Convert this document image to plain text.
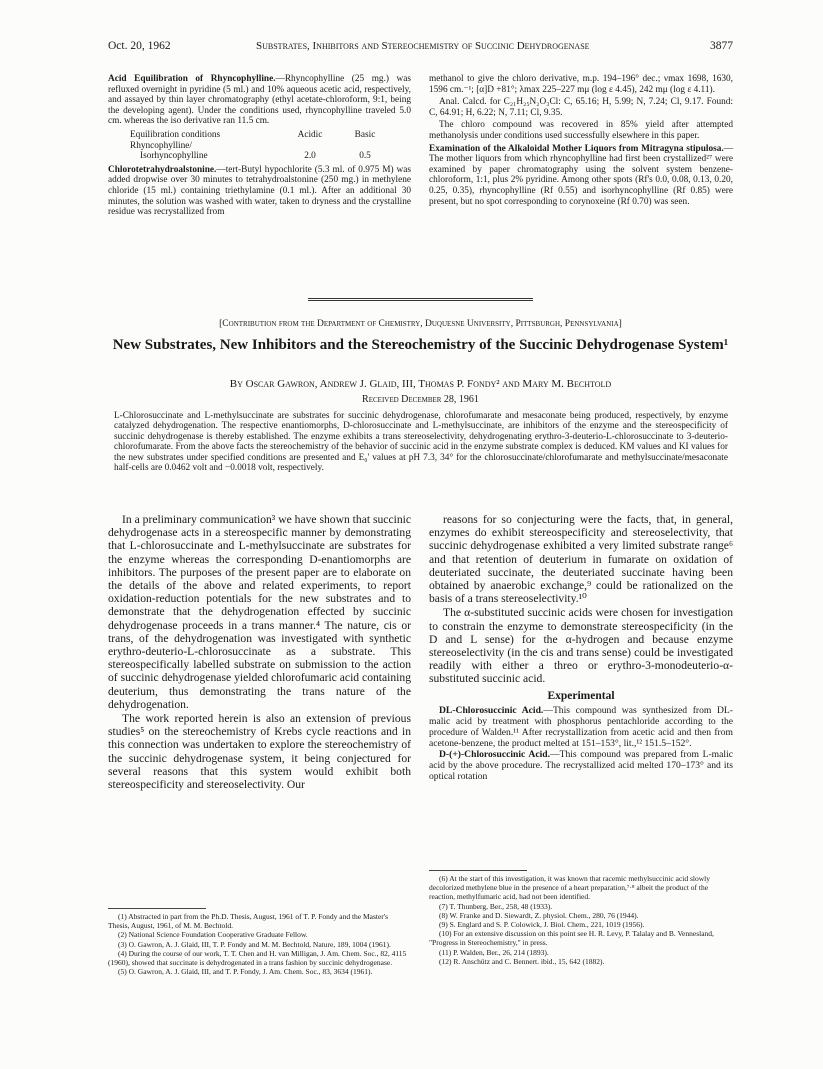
Oct. 20, 1962	Substrates, Inhibitors and Stereochemistry of Succinic Dehydrogenase	3877

Acid Equilibration of Rhyncophylline.—Rhyncophylline (25 mg.) was refluxed overnight in pyridine (5 ml.) and 10% aqueous acetic acid, respectively, and assayed by thin layer chromatography (ethyl acetate-chloroform, 9:1, being the developing agent). Under the conditions used, rhyncophylline traveled 5.0 cm. whereas the iso derivative ran 11.5 cm.

Equilibration conditions	Acidic	Basic
Rhyncophylline/
Isorhyncophylline	2.0	0.5

Chlorotetrahydroalstonine.—tert-Butyl hypochlorite (5.3 ml. of 0.975 M) was added dropwise over 30 minutes to tetrahydroalstonine (250 mg.) in methylene chloride (15 ml.) containing triethylamine (0.1 ml.). After an additional 30 minutes, the solution was washed with water, taken to dryness and the crystalline residue was recrystallized from

methanol to give the chloro derivative, m.p. 194–196° dec.; νmax 1698, 1630, 1596 cm.⁻¹; [α]D +81°; λmax 225–227 mμ (log ε 4.45), 242 mμ (log ε 4.11).

Anal. Calcd. for C₂₁H₂₅N₂O₃Cl: C, 65.16; H, 5.99; N, 7.24; Cl, 9.17. Found: C, 64.91; H, 6.22; N, 7.11; Cl, 9.35.

The chloro compound was recovered in 85% yield after attempted methanolysis under conditions used successfully elsewhere in this paper.

Examination of the Alkaloidal Mother Liquors from Mitragyna stipulosa.—The mother liquors from which rhyncophylline had first been crystallized²⁷ were examined by paper chromatography using the solvent system benzene-chloroform, 1:1, plus 2% pyridine. Among other spots (Rf's 0.0, 0.08, 0.13, 0.20, 0.25, 0.35), rhyncophylline (Rf 0.55) and isorhyncophylline (Rf 0.85) were present, but no spot corresponding to corynoxeine (Rf 0.70) was seen.

[Contribution from the Department of Chemistry, Duquesne University, Pittsburgh, Pennsylvania]
New Substrates, New Inhibitors and the Stereochemistry of the Succinic Dehydrogenase System¹
By Oscar Gawron, Andrew J. Glaid, III, Thomas P. Fondy² and Mary M. Bechtold
Received December 28, 1961
L-Chlorosuccinate and L-methylsuccinate are substrates for succinic dehydrogenase, chlorofumarate and mesaconate being produced, respectively, by enzyme catalyzed dehydrogenation. The respective enantiomorphs, D-chlorosuccinate and L-methylsuccinate, are inhibitors of the enzyme and the stereospecificity of succinic dehydrogenase is thereby established. The enzyme exhibits a trans stereoselectivity, dehydrogenating erythro-3-deuterio-L-chlorosuccinate to 3-deuterio-chlorofumarate. From the above facts the stereochemistry of the behavior of succinic acid in the enzyme substrate complex is deduced. KM values and KI values for the new substrates under specified conditions are presented and E₀' values at pH 7.3, 34° for the chlorosuccinate/chlorofumarate and methylsuccinate/mesaconate half-cells are 0.0462 volt and −0.0018 volt, respectively.

In a preliminary communication³ we have shown that succinic dehydrogenase acts in a stereospecific manner by demonstrating that L-chlorosuccinate and L-methylsuccinate are substrates for the enzyme whereas the corresponding D-enantiomorphs are inhibitors. The purposes of the present paper are to elaborate on the details of the above and related experiments, to report oxidation-reduction potentials for the new substrates and to demonstrate that the dehydrogenation effected by succinic dehydrogenase proceeds in a trans manner.⁴ The nature, cis or trans, of the dehydrogenation was investigated with synthetic erythro-deuterio-L-chlorosuccinate as a substrate. This stereospecifically labelled substrate on submission to the action of succinic dehydrogenase yielded chlorofumaric acid containing deuterium, thus demonstrating the trans nature of the dehydrogenation.

The work reported herein is also an extension of previous studies⁵ on the stereochemistry of Krebs cycle reactions and in this connection was undertaken to explore the stereochemistry of the succinic dehydrogenase system, it being conjectured for several reasons that this system would exhibit both stereospecificity and stereoselectivity. Our

(1) Abstracted in part from the Ph.D. Thesis, August, 1961 of T. P. Fondy and the Master's Thesis, August, 1961, of M. M. Bechtold.
(2) National Science Foundation Cooperative Graduate Fellow.
(3) O. Gawron, A. J. Glaid, III, T. P. Fondy and M. M. Bechtold, Nature, 189, 1004 (1961).
(4) During the course of our work, T. T. Chen and H. van Milligan, J. Am. Chem. Soc., 82, 4115 (1960), showed that succinate is dehydrogenated in a trans fashion by succinic dehydrogenase.
(5) O. Gawron, A. J. Glaid, III, and T. P. Fondy, J. Am. Chem. Soc., 83, 3634 (1961).

reasons for so conjecturing were the facts, that, in general, enzymes do exhibit stereospecificity and stereoselectivity, that succinic dehydrogenase exhibited a very limited substrate range⁶ and that retention of deuterium in fumarate on oxidation of deuteriated succinate, the deuteriated succinate having been obtained by anaerobic exchange,⁹ could be rationalized on the basis of a trans stereoselectivity.¹⁰

The α-substituted succinic acids were chosen for investigation to constrain the enzyme to demonstrate stereospecificity (in the D and L sense) for the α-hydrogen and because enzyme stereoselectivity (in the cis and trans sense) could be investigated readily with either a threo or erythro-3-monodeuterio-α-substituted succinic acid.

Experimental

DL-Chlorosuccinic Acid.—This compound was synthesized from DL-malic acid by treatment with phosphorus pentachloride according to the procedure of Walden.¹¹ After recrystallization from acetic acid and then from acetone-benzene, the product melted at 151–153°, lit.,¹² 151.5–152°.

D-(+)-Chlorosuccinic Acid.—This compound was prepared from L-malic acid by the above procedure. The recrystallized acid melted 170–173° and its optical rotation

(6) At the start of this investigation, it was known that racemic methylsuccinic acid slowly decolorized methylene blue in the presence of a heart preparation,⁷·⁸ albeit the product of the reaction, methylfumaric acid, had not been identified.
(7) T. Thunberg, Ber., 258, 48 (1933).
(8) W. Franke and D. Siewardt, Z. physiol. Chem., 280, 76 (1944).
(9) S. Englard and S. P. Colowick, J. Biol. Chem., 221, 1019 (1956).
(10) For an extensive discussion on this point see H. R. Levy, P. Talalay and B. Vennesland, "Progress in Stereochemistry," in press.
(11) P. Walden, Ber., 26, 214 (1893).
(12) R. Anschütz and C. Bennert. ibid., 15, 642 (1882).
